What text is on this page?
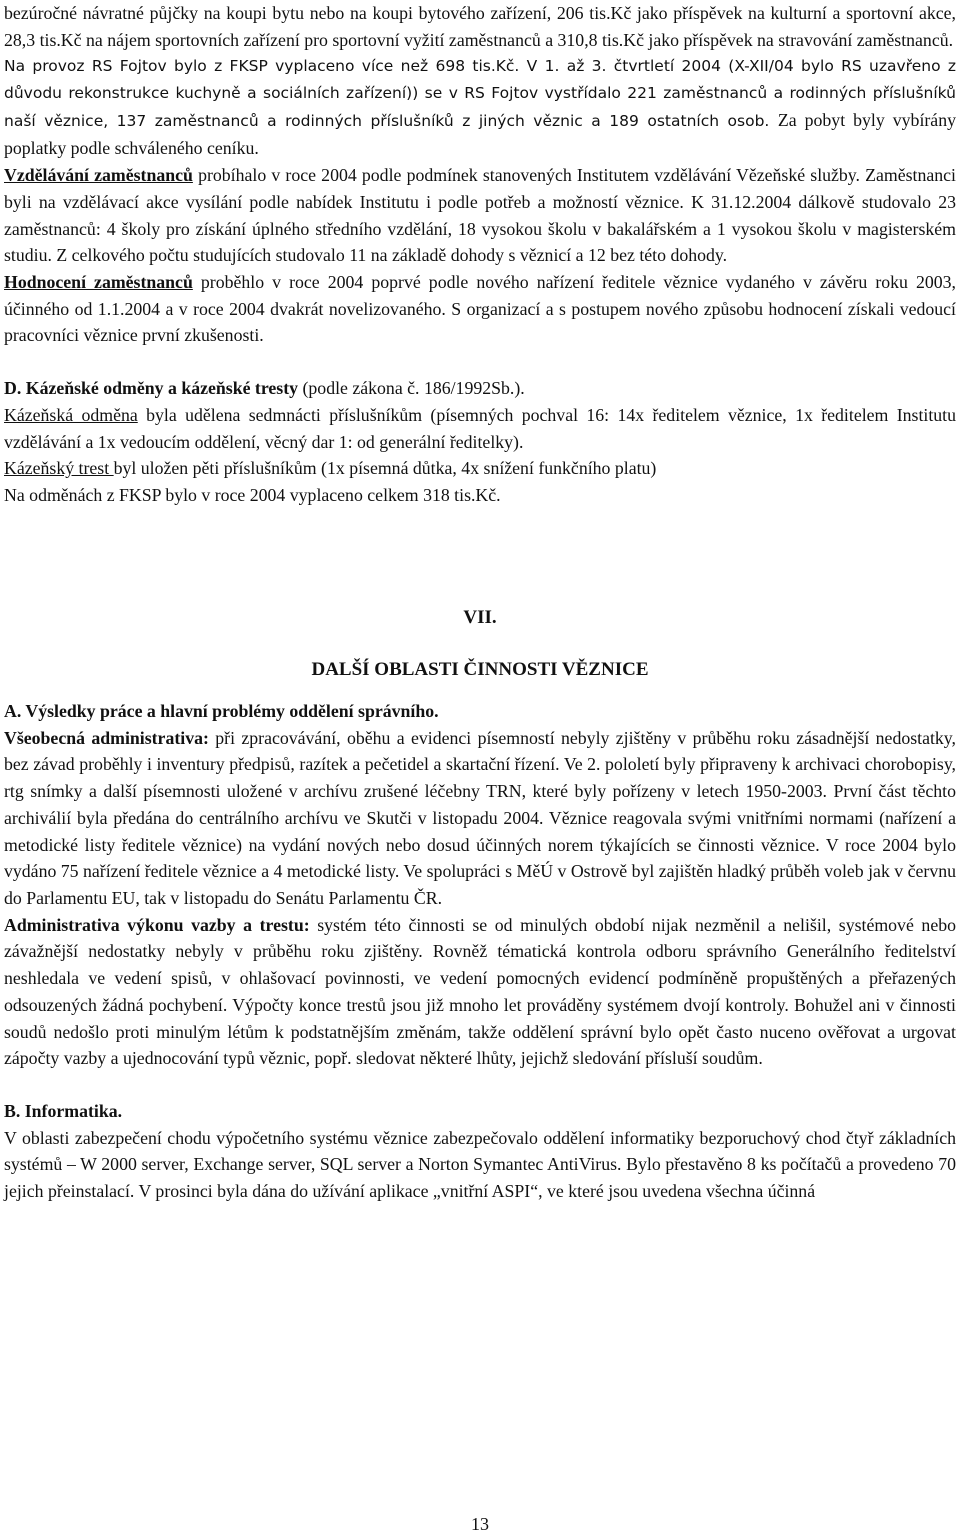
bezúročné návratné půjčky na koupi bytu nebo na koupi bytového zařízení, 206 tis.Kč jako příspěvek na kulturní a sportovní akce, 28,3 tis.Kč na nájem sportovních zařízení pro sportovní vyžití zaměstnanců a 310,8 tis.Kč jako příspěvek na stravování zaměstnanců.

Na provoz RS Fojtov bylo z FKSP vyplaceno více než 698 tis.Kč. V 1. až 3. čtvrtletí 2004 (X-XII/04 bylo RS uzavřeno z důvodu rekonstrukce kuchyně a sociálních zařízení)) se v RS Fojtov vystřídalo 221 zaměstnanců a rodinných příslušníků naší věznice, 137 zaměstnanců a rodinných příslušníků z jiných věznic a 189 ostatních osob. Za pobyt byly vybírány poplatky podle schváleného ceníku.

Vzdělávání zaměstnanců probíhalo v roce 2004 podle podmínek stanovených Institutem vzdělávání Vězeňské služby. Zaměstnanci byli na vzdělávací akce vysílání podle nabídek Institutu i podle potřeb a možností věznice. K 31.12.2004 dálkově studovalo 23 zaměstnanců: 4 školy pro získání úplného středního vzdělání, 18 vysokou školu v bakalářském a 1 vysokou školu v magisterském studiu. Z celkového počtu studujících studovalo 11 na základě dohody s věznicí a 12 bez této dohody.

Hodnocení zaměstnanců proběhlo v roce 2004 poprvé podle nového nařízení ředitele věznice vydaného v závěru roku 2003, účinného od 1.1.2004 a v roce 2004 dvakrát novelizovaného. S organizací a s postupem nového způsobu hodnocení získali vedoucí pracovníci věznice první zkušenosti.

D. Kázeňské odměny a kázeňské tresty (podle zákona č. 186/1992Sb.).

Kázeňská odměna byla udělena sedmnácti příslušníkům (písemných pochval 16: 14x ředitelem věznice, 1x ředitelem Institutu vzdělávání a 1x vedoucím oddělení, věcný dar 1: od generální ředitelky).

Kázeňský trest byl uložen pěti příslušníkům (1x písemná důtka, 4x snížení funkčního platu)

Na odměnách z FKSP bylo v roce 2004 vyplaceno celkem 318 tis.Kč.

VII.

DALŠÍ OBLASTI ČINNOSTI VĚZNICE

A. Výsledky práce a hlavní problémy oddělení správního.

Všeobecná administrativa: při zpracovávání, oběhu a evidenci písemností nebyly zjištěny v průběhu roku zásadnější nedostatky, bez závad proběhly i inventury předpisů, razítek a pečetidel a skartační řízení. Ve 2. pololetí byly připraveny k archivaci chorobopisy, rtg snímky a další písemnosti uložené v archívu zrušené léčebny TRN, které byly pořízeny v letech 1950-2003. První část těchto archiválií byla předána do centrálního archívu ve Skutči v listopadu 2004. Věznice reagovala svými vnitřními normami (nařízení a metodické listy ředitele věznice) na vydání nových nebo dosud účinných norem týkajících se činnosti věznice. V roce 2004 bylo vydáno 75 nařízení ředitele věznice a 4 metodické listy. Ve spolupráci s MěÚ v Ostrově byl zajištěn hladký průběh voleb jak v červnu do Parlamentu EU, tak v listopadu do Senátu Parlamentu ČR.

Administrativa výkonu vazby a trestu: systém této činnosti se od minulých období nijak nezměnil a nelišil, systémové nebo závažnější nedostatky nebyly v průběhu roku zjištěny. Rovněž tématická kontrola odboru správního Generálního ředitelství neshledala ve vedení spisů, v ohlašovací povinnosti, ve vedení pomocných evidencí podmíněně propuštěných a přeřazených odsouzených žádná pochybení. Výpočty konce trestů jsou již mnoho let prováděny systémem dvojí kontroly. Bohužel ani v činnosti soudů nedošlo proti minulým létům k podstatnějším změnám, takže oddělení správní bylo opět často nuceno ověřovat a urgovat zápočty vazby a ujednocování typů věznic, popř. sledovat některé lhůty, jejichž sledování přísluší soudům.

B. Informatika.

V oblasti zabezpečení chodu výpočetního systému věznice zabezpečovalo oddělení informatiky bezporuchový chod čtyř základních systémů – W 2000 server, Exchange server, SQL server a Norton Symantec AntiVirus. Bylo přestavěno 8 ks počítačů a provedeno 70 jejich přeinstalací. V prosinci byla dána do užívání aplikace „vnitřní ASPI“, ve které jsou uvedena všechna účinná

13
